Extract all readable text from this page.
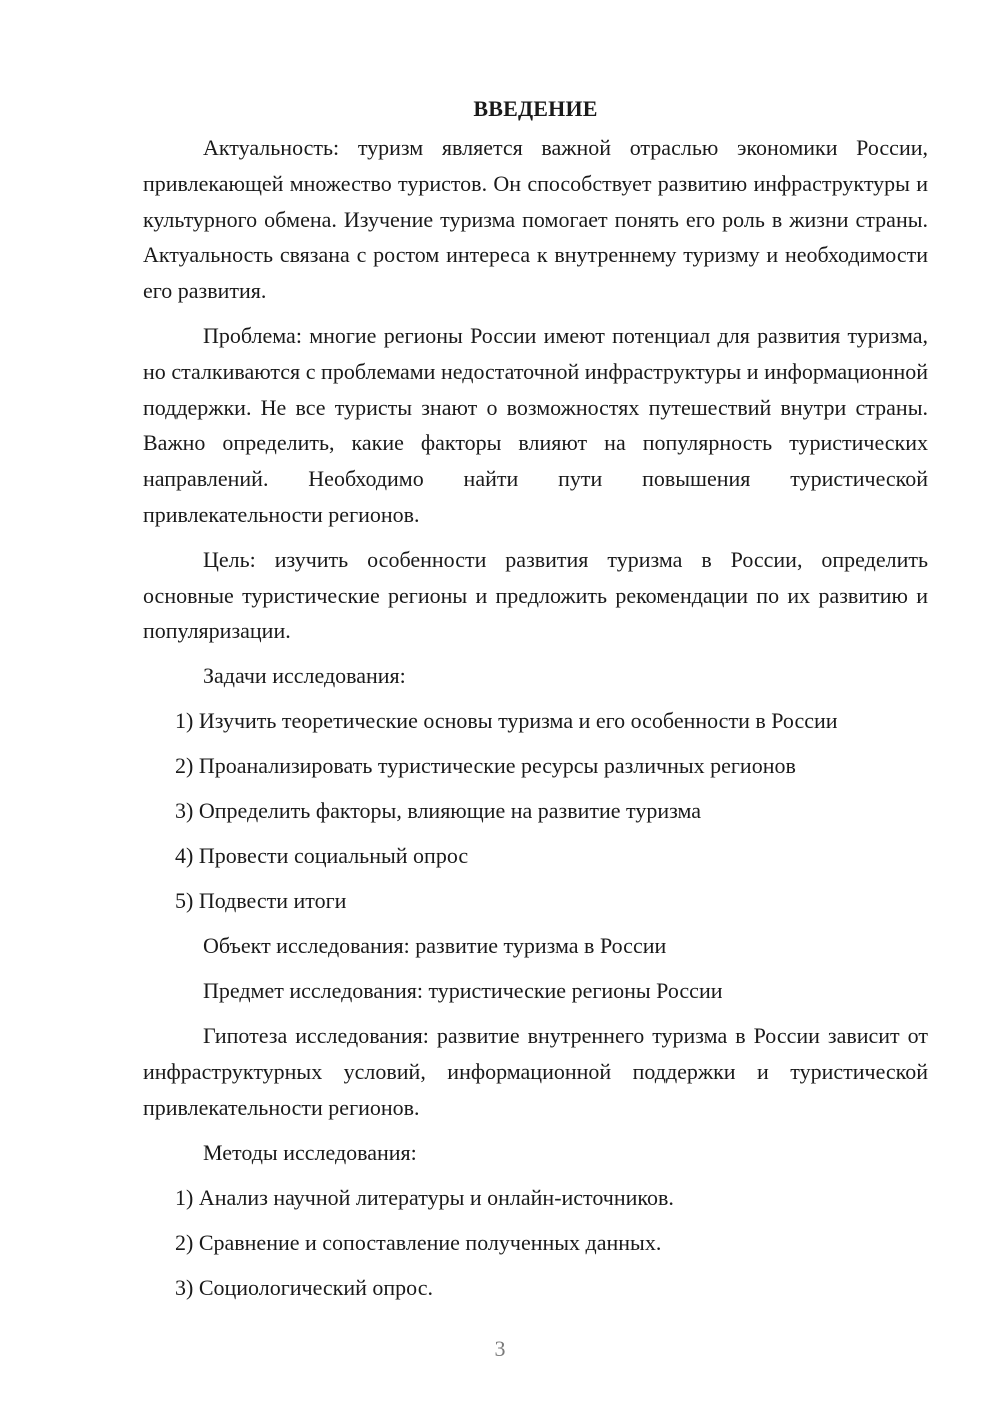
ВВЕДЕНИЕ

Актуальность: туризм является важной отраслью экономики России, привлекающей множество туристов. Он способствует развитию инфраструктуры и культурного обмена. Изучение туризма помогает понять его роль в жизни страны. Актуальность связана с ростом интереса к внутреннему туризму и необходимости его развития.

Проблема: многие регионы России имеют потенциал для развития туризма, но сталкиваются с проблемами недостаточной инфраструктуры и информационной поддержки. Не все туристы знают о возможностях путешествий внутри страны. Важно определить, какие факторы влияют на популярность туристических направлений. Необходимо найти пути повышения туристической привлекательности регионов.

Цель: изучить особенности развития туризма в России, определить основные туристические регионы и предложить рекомендации по их развитию и популяризации.

Задачи исследования:
1) Изучить теоретические основы туризма и его особенности в России
2) Проанализировать туристические ресурсы различных регионов
3) Определить факторы, влияющие на развитие туризма
4) Провести социальный опрос
5) Подвести итоги
Объект исследования: развитие туризма в России
Предмет исследования: туристические регионы России

Гипотеза исследования: развитие внутреннего туризма в России зависит от инфраструктурных условий, информационной поддержки и туристической привлекательности регионов.

Методы исследования:
1) Анализ научной литературы и онлайн-источников.
2) Сравнение и сопоставление полученных данных.
3) Социологический опрос.
3
